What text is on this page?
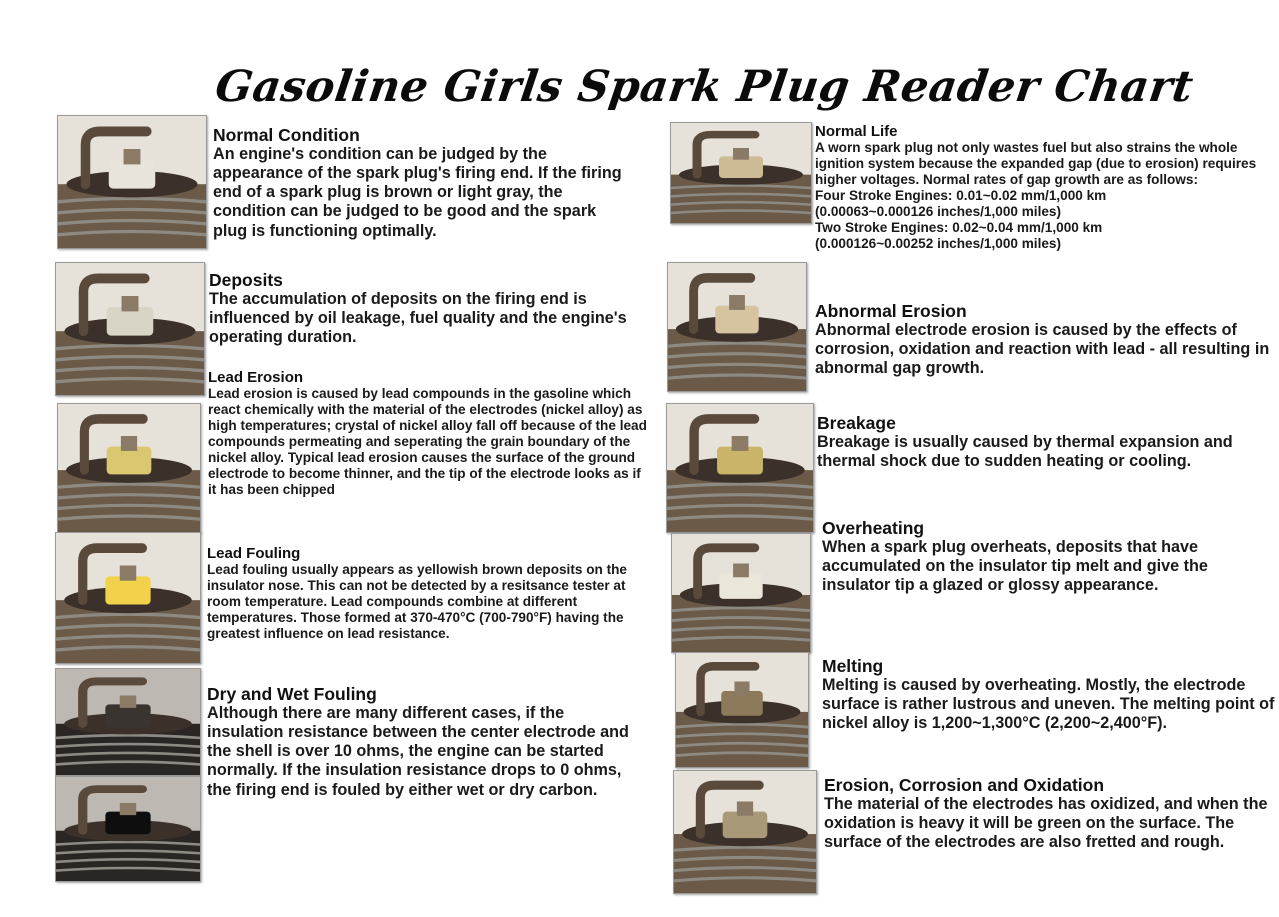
Gasoline Girls Spark Plug Reader Chart
Normal Condition

An engine's condition can be judged by the appearance of the spark plug's firing end. If the firing end of a spark plug is brown or light gray, the condition can be judged to be good and the spark plug is functioning optimally.

Deposits

The accumulation of deposits on the firing end is influenced by oil leakage, fuel quality and the engine's operating duration.

Lead Erosion

Lead erosion is caused by lead compounds in the gasoline which react chemically with the material of the electrodes (nickel alloy) as high temperatures; crystal of nickel alloy fall off because of the lead compounds permeating and seperating the grain boundary of the nickel alloy. Typical lead erosion causes the surface of the ground electrode to become thinner, and the tip of the electrode looks as if it has been chipped

Lead Fouling

Lead fouling usually appears as yellowish brown deposits on the insulator nose. This can not be detected by a resitsance tester at room temperature. Lead compounds combine at different temperatures. Those formed at 370-470°C (700-790°F) having the greatest influence on lead resistance.

Dry and Wet Fouling

Although there are many different cases, if the insulation resistance between the center electrode and the shell is over 10 ohms, the engine can be started normally. If the insulation resistance drops to 0 ohms, the firing end is fouled by either wet or dry carbon.

Normal Life

A worn spark plug not only wastes fuel but also strains the whole ignition system because the expanded gap (due to erosion) requires higher voltages. Normal rates of gap growth are as follows:

Four Stroke Engines: 0.01~0.02 mm/1,000 km

(0.00063~0.000126 inches/1,000 miles)

Two Stroke Engines: 0.02~0.04 mm/1,000 km

(0.000126~0.00252 inches/1,000 miles)

Abnormal Erosion

Abnormal electrode erosion is caused by the effects of corrosion, oxidation and reaction with lead - all resulting in abnormal gap growth.

Breakage

Breakage is usually caused by thermal expansion and thermal shock due to sudden heating or cooling.

Overheating

When a spark plug overheats, deposits that have accumulated on the insulator tip melt and give the insulator tip a glazed or glossy appearance.

Melting

Melting is caused by overheating. Mostly, the electrode surface is rather lustrous and uneven. The melting point of nickel alloy is 1,200~1,300°C (2,200~2,400°F).

Erosion, Corrosion and Oxidation

The material of the electrodes has oxidized, and when the oxidation is heavy it will be green on the surface. The surface of the electrodes are also fretted and rough.
